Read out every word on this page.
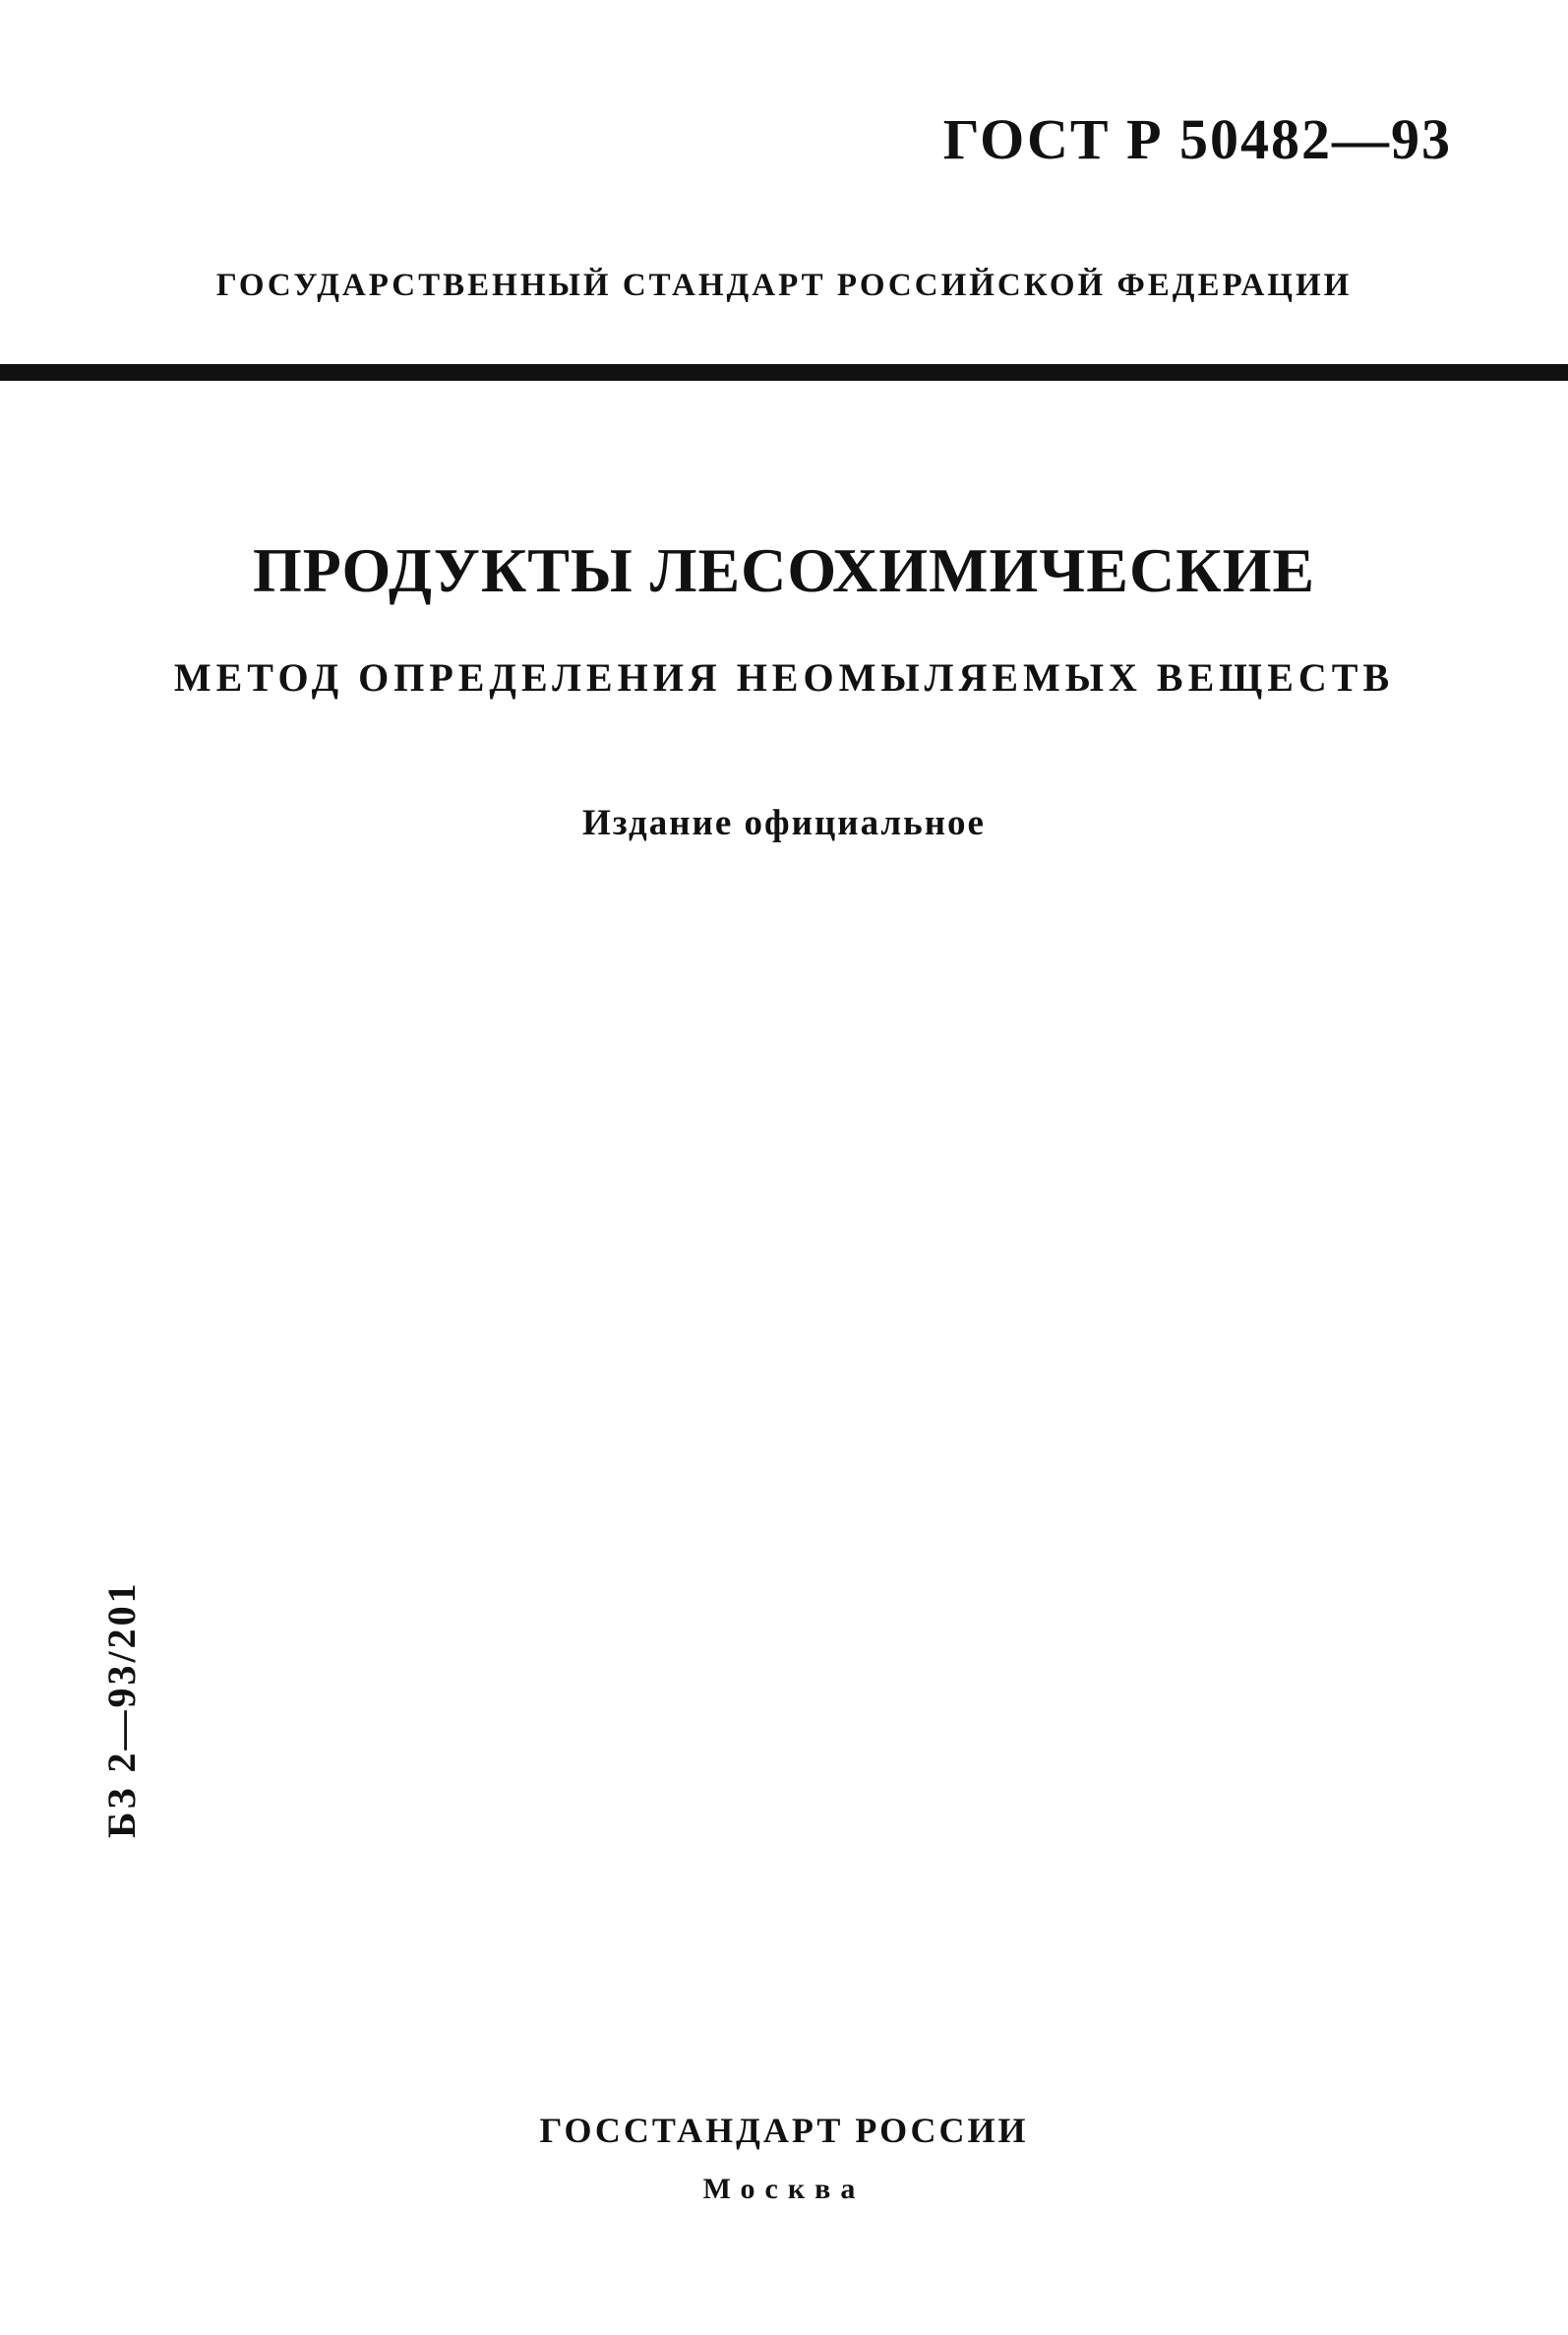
ГОСТ Р 50482—93
ГОСУДАРСТВЕННЫЙ СТАНДАРТ РОССИЙСКОЙ ФЕДЕРАЦИИ
ПРОДУКТЫ ЛЕСОХИМИЧЕСКИЕ
МЕТОД ОПРЕДЕЛЕНИЯ НЕОМЫЛЯЕМЫХ ВЕЩЕСТВ
Издание официальное
БЗ 2—93/201
ГОССТАНДАРТ РОССИИ
Москва
